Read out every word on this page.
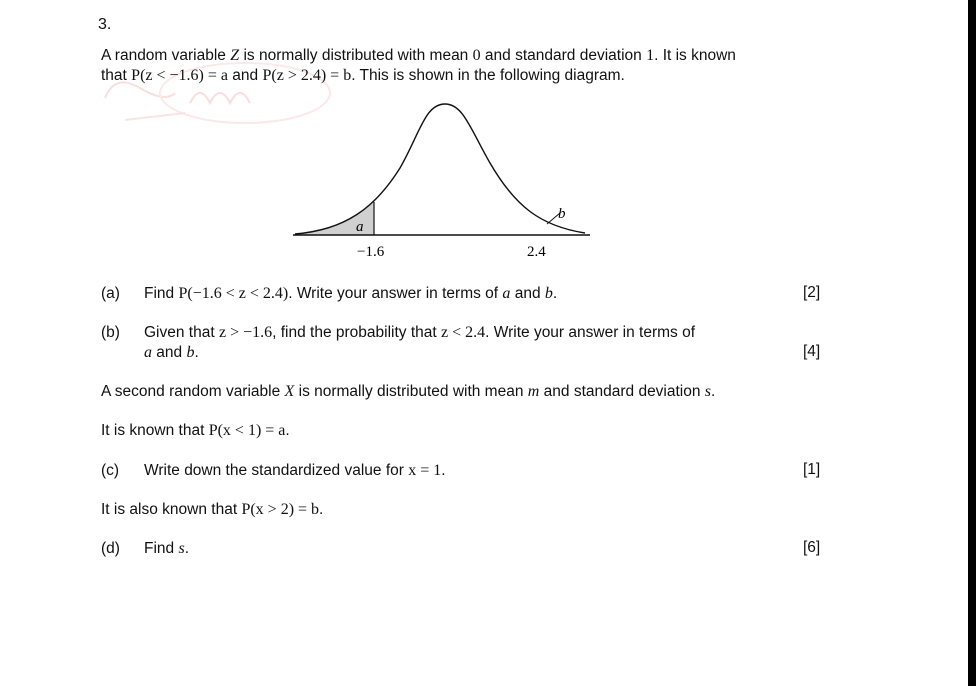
3.
A random variable Z is normally distributed with mean 0 and standard deviation 1. It is known
that P(z < −1.6) = a and P(z > 2.4) = b. This is shown in the following diagram.
a
b
−1.6	2.4
(a) Find P(−1.6 < z < 2.4). Write your answer in terms of a and b.	[2]
(b) Given that z > −1.6, find the probability that z < 2.4. Write your answer in terms of
a and b.	[4]
A second random variable X is normally distributed with mean m and standard deviation s.
It is known that P(x < 1) = a.
(c) Write down the standardized value for x = 1.	[1]
It is also known that P(x > 2) = b.
(d) Find s.	[6]
